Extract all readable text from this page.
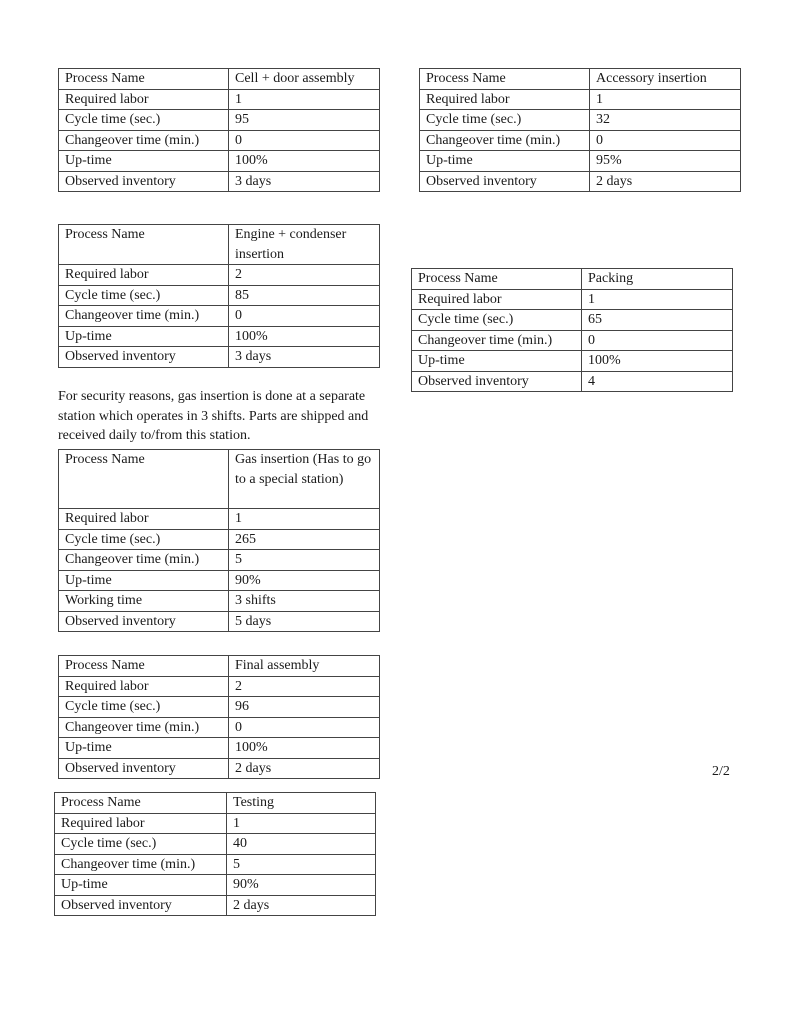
Process Name	Cell + door assembly
Required labor	1
Cycle time (sec.)	95
Changeover time (min.)	0
Up-time	100%
Observed inventory	3 days
Process Name	Accessory insertion
Required labor	1
Cycle time (sec.)	32
Changeover time (min.)	0
Up-time	95%
Observed inventory	2 days
Process Name	Engine + condenser insertion
Required labor	2
Cycle time (sec.)	85
Changeover time (min.)	0
Up-time	100%
Observed inventory	3 days
Process Name	Packing
Required labor	1
Cycle time (sec.)	65
Changeover time (min.)	0
Up-time	100%
Observed inventory	4
For security reasons, gas insertion is done at a separate station which operates in 3 shifts. Parts are shipped and received daily to/from this station.
Process Name	Gas insertion (Has to go to a special station)
Required labor	1
Cycle time (sec.)	265
Changeover time (min.)	5
Up-time	90%
Working time	3 shifts
Observed inventory	5 days
Process Name	Final assembly
Required labor	2
Cycle time (sec.)	96
Changeover time (min.)	0
Up-time	100%
Observed inventory	2 days	2/2
Process Name	Testing
Required labor	1
Cycle time (sec.)	40
Changeover time (min.)	5
Up-time	90%
Observed inventory	2 days
